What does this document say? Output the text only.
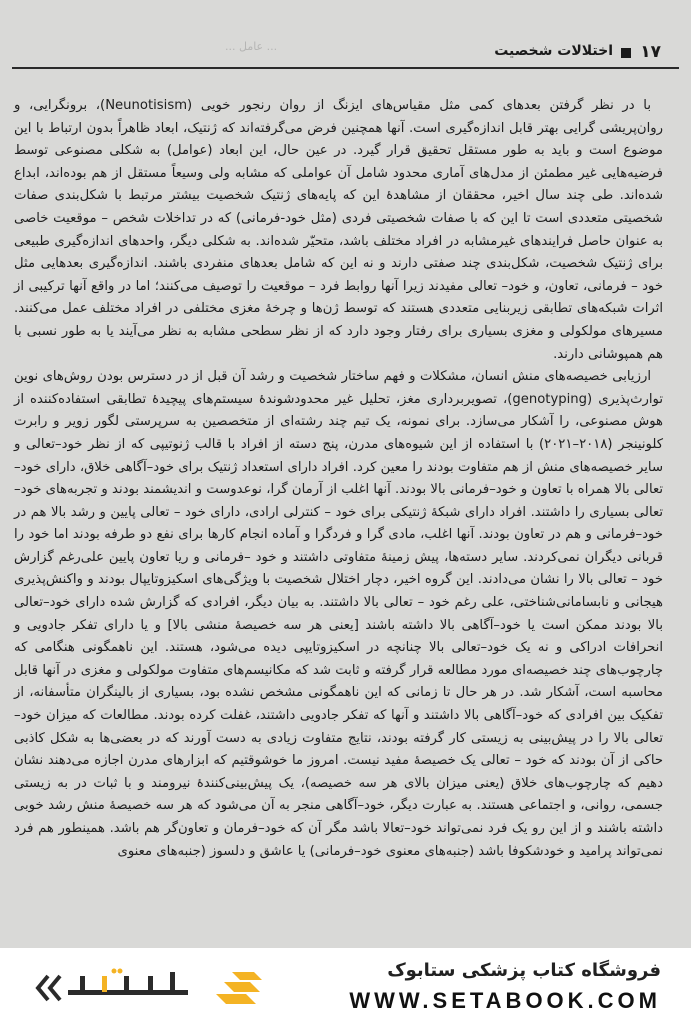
... عامل ...	۱۷
اختلالات شخصیت

با در نظر گرفتن بعدهای کمی مثل مقیاس‌های ایزنگ از روان رنجور خویی (Neunotisism)، برونگرایی، و روان‌پریشی گرایی بهتر قابل اندازه‌گیری است. آنها همچنین فرض می‌گرفته‌اند که ژنتیک، ابعاد ظاهراً بدون ارتباط با این موضوع است و باید به طور مستقل تحقیق قرار گیرد. در عین حال، این ابعاد (عوامل) به شکلی مصنوعی توسط فرضیه‌هایی غیر مطمئن از مدل‌های آماری محدود شامل آن عواملی که مشابه ولی وسیعاً مستقل از هم بوده‌اند، ابداع شده‌اند. طی چند سال اخیر، محققان از مشاهدهٔ این که پایه‌های ژنتیک شخصیت بیشتر مرتبط با شکل‌بندی صفات شخصیتی متعددی است تا این که با صفات شخصیتی فردی (مثل خود-فرمانی) که در تداخلات شخص – موقعیت خاصی به عنوان حاصل فرایندهای غیرمشابه در افراد مختلف باشد، متحیّر شده‌اند. به شکلی دیگر، واحدهای اندازه‌گیری طبیعی برای ژنتیک شخصیت، شکل‌بندی چند صفتی دارند و نه این که شامل بعدهای منفردی باشند. اندازه‌گیری بعدهایی مثل خود – فرمانی، تعاون، و خود– تعالی مفیدند زیرا آنها روابط فرد – موقعیت را توصیف می‌کنند؛ اما در واقع آنها ترکیبی از اثرات شبکه‌های تطابقی زیربنایی متعددی هستند که توسط ژن‌ها و چرخهٔ مغزی مختلفی در افراد مختلف عمل می‌کنند. مسیرهای مولکولی و مغزی بسیاری برای رفتار وجود دارد که از نظر سطحی مشابه به نظر می‌آیند یا به طور نسبی با هم همپوشانی دارند.

ارزیابی خصیصه‌های منش انسان، مشکلات و فهم ساختار شخصیت و رشد آن قبل از در دسترس بودن روش‌های نوین توارث‌پذیری (genotyping)، تصویربرداری مغز، تحلیل غیر محدودشوندهٔ سیستم‌های پیچیدهٔ تطابقی استفاده‌کننده از هوش مصنوعی، را آشکار می‌سازد. برای نمونه، یک تیم چند رشته‌ای از متخصصین به سرپرستی لگور زویر و رابرت کلونینجر (۲۰۱۸–۲۰۲۱) با استفاده از این شیوه‌های مدرن، پنج دسته از افراد با قالب ژنوتیپی که از نظر خود–تعالی و سایر خصیصه‌های منش از هم متفاوت بودند را معین کرد. افراد دارای استعداد ژنتیک برای خود–آگاهی خلاق، دارای خود–تعالی بالا همراه با تعاون و خود–فرمانی بالا بودند. آنها اغلب از آرمان گرا، نوعدوست و اندیشمند بودند و تجربه‌های خود–تعالی بسیاری را داشتند. افراد دارای شبکهٔ ژنتیکی برای خود – کنترلی ارادی، دارای خود – تعالی پایین و رشد بالا هم در خود–فرمانی و هم در تعاون بودند. آنها اغلب، مادی گرا و فردگرا و آماده انجام کارها برای نفع دو طرفه بودند اما خود را قربانی دیگران نمی‌کردند. سایر دسته‌ها، پیش زمینهٔ متفاوتی داشتند و خود –فرمانی و ریا تعاون پایین علی‌رغم گزارش خود – تعالی بالا را نشان می‌دادند. این گروه اخیر، دچار اختلال شخصیت با ویژگی‌های اسکیزوتایپال بودند و واکنش‌پذیری هیجانی و نابسامانی‌شناختی، علی رغم خود – تعالی بالا داشتند. به بیان دیگر، افرادی که گزارش شده دارای خود–تعالی بالا بودند ممکن است یا خود–آگاهی بالا داشته باشند [یعنی هر سه خصیصهٔ منشی بالا] و یا دارای تفکر جادویی و انحرافات ادراکی و نه یک خود–تعالی بالا چنانچه در اسکیزوتایپی دیده می‌شود، هستند. این ناهمگونی هنگامی که چارچوب‌های چند خصیصه‌ای مورد مطالعه قرار گرفته و ثابت شد که مکانیسم‌های متفاوت مولکولی و مغزی در آنها قابل محاسبه است، آشکار شد. در هر حال تا زمانی که این ناهمگونی مشخص نشده بود، بسیاری از بالینگران متأسفانه، از تفکیک بین افرادی که خود–آگاهی بالا داشتند و آنها که تفکر جادویی داشتند، غفلت کرده بودند. مطالعات که میزان خود–تعالی بالا را در پیش‌بینی به زیستی کار گرفته بودند، نتایج متفاوت زیادی به دست آورند که در بعضی‌ها به شکل کاذبی حاکی از آن بودند که خود – تعالی یک خصیصهٔ مفید نیست. امروز ما خوشوقتیم که ابزارهای مدرن اجازه می‌دهند نشان دهیم که چارچوب‌های خلاق (یعنی میزان بالای هر سه خصیصه)، یک پیش‌بینی‌کنندهٔ نیرومند و با ثبات در به زیستی جسمی، روانی، و اجتماعی هستند. به عبارت دیگر، خود–آگاهی منجر به آن می‌شود که هر سه خصیصهٔ منش رشد خوبی داشته باشند و از این رو یک فرد نمی‌تواند خود–تعالا باشد مگر آن که خود–فرمان و تعاون‌گر هم باشد. همینطور هم فرد نمی‌تواند پرامید و خودشکوفا باشد (جنبه‌های معنوی خود–فرمانی) یا عاشق و دلسوز (جنبه‌های معنوی

فروشگاه کتاب پزشکی ستابوک
WWW.SETABOOK.COM
